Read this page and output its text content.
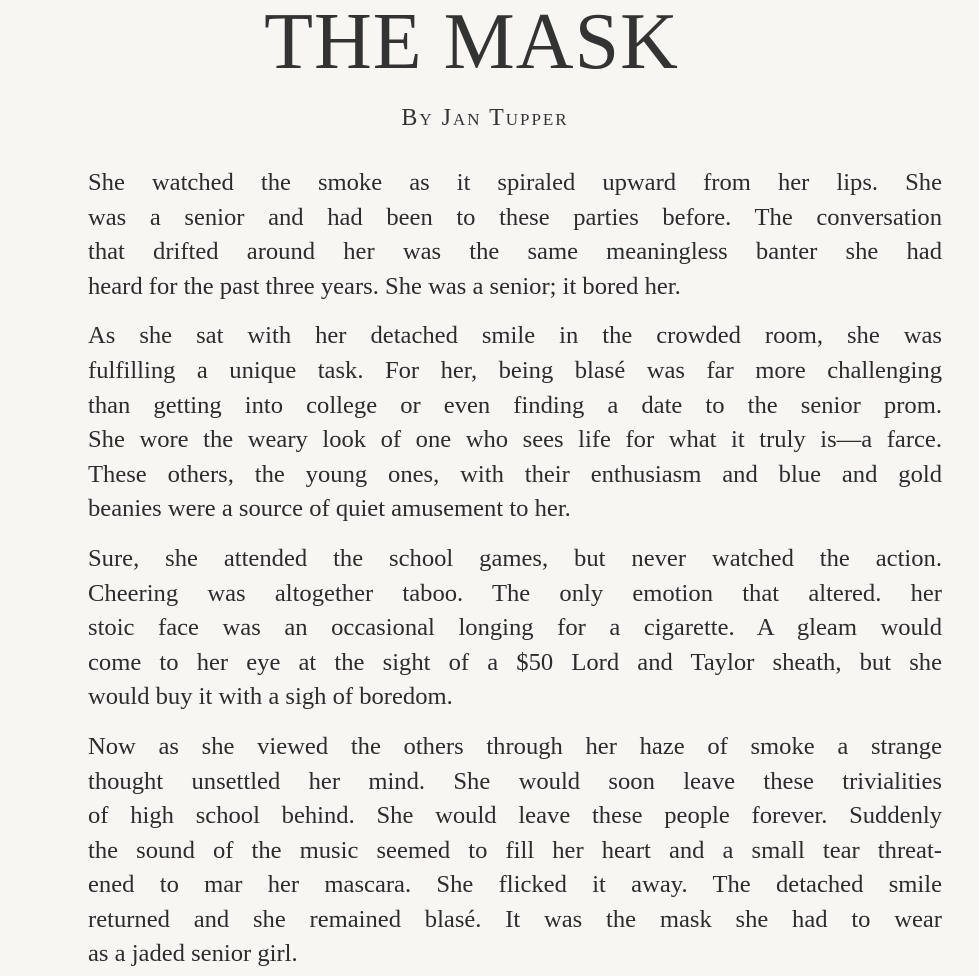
THE MASK
By Jan Tupper

She watched the smoke as it spiraled upward from her lips. She
was a senior and had been to these parties before. The conversation
that drifted around her was the same meaningless banter she had
heard for the past three years. She was a senior; it bored her.

As she sat with her detached smile in the crowded room, she was
fulfilling a unique task. For her, being blasé was far more challenging
than getting into college or even finding a date to the senior prom.
She wore the weary look of one who sees life for what it truly is—a farce.
These others, the young ones, with their enthusiasm and blue and gold
beanies were a source of quiet amusement to her.

Sure, she attended the school games, but never watched the action.
Cheering was altogether taboo. The only emotion that altered. her
stoic face was an occasional longing for a cigarette. A gleam would
come to her eye at the sight of a $50 Lord and Taylor sheath, but she
would buy it with a sigh of boredom.

Now as she viewed the others through her haze of smoke a strange
thought unsettled her mind. She would soon leave these trivialities
of high school behind. She would leave these people forever. Suddenly
the sound of the music seemed to fill her heart and a small tear threat-
ened to mar her mascara. She flicked it away. The detached smile
returned and she remained blasé. It was the mask she had to wear
as a jaded senior girl.
